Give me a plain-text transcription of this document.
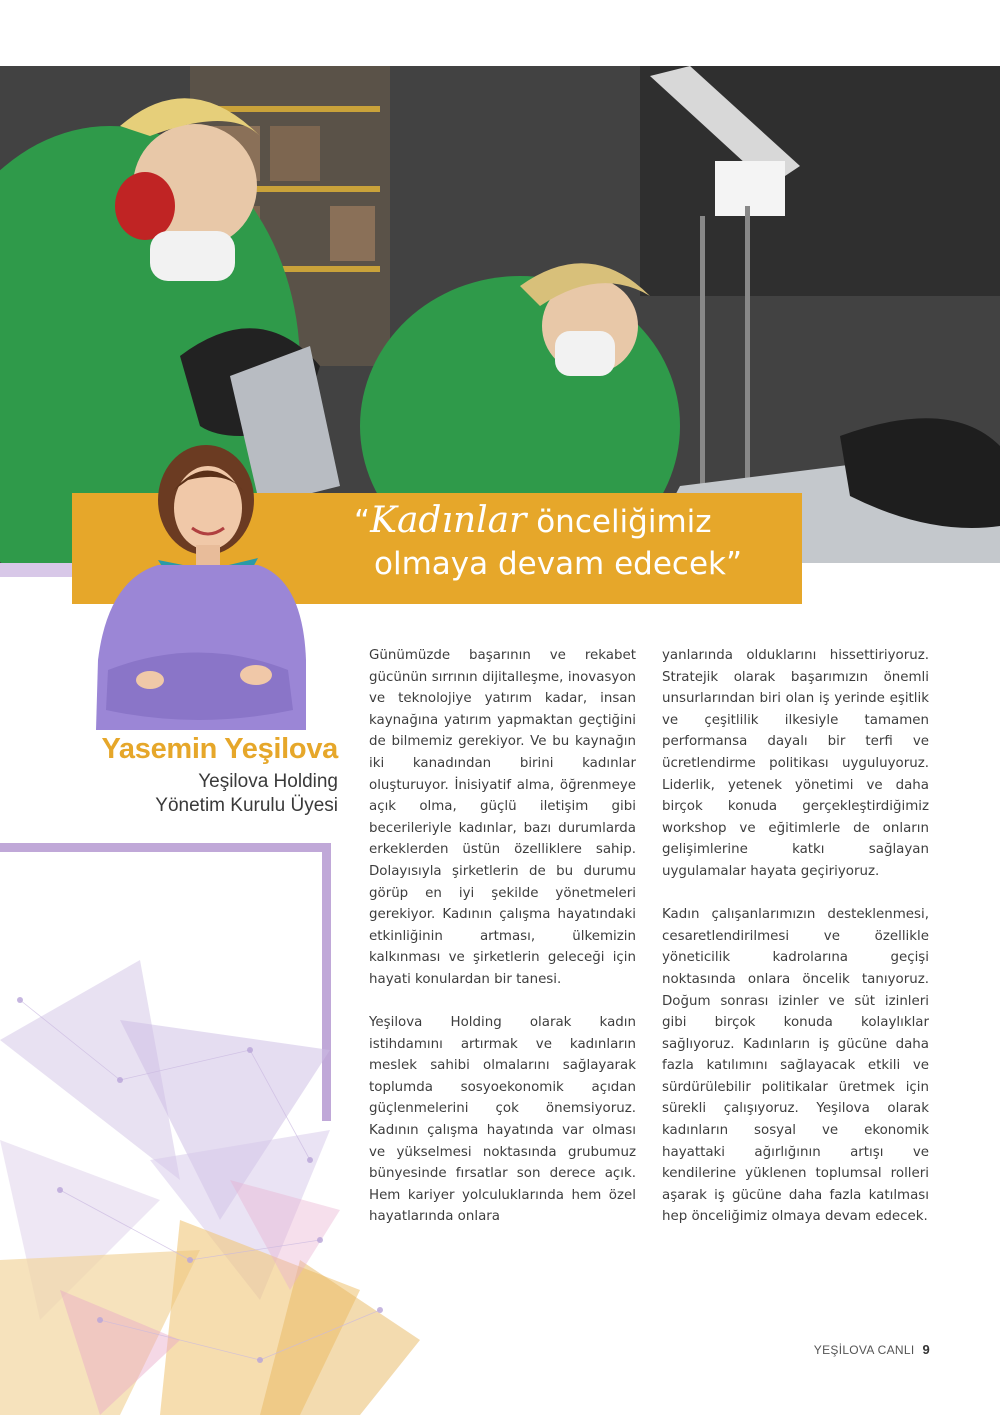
“Kadınlar önceliğimiz
olmaya devam edecek”
Yasemin Yeşilova
Yeşilova Holding
Yönetim Kurulu Üyesi

Günümüzde başarının ve rekabet gücünün sırrının dijitalleşme, inovasyon ve teknolojiye yatırım kadar, insan kaynağına yatırım yapmaktan geçtiğini de bilmemiz gerekiyor. Ve bu kaynağın iki kanadından birini kadınlar oluşturuyor. İnisiyatif alma, öğrenmeye açık olma, güçlü iletişim gibi becerileriyle kadınlar, bazı durumlarda erkeklerden üstün özelliklere sahip. Dolayısıyla şirketlerin de bu durumu görüp en iyi şekilde yönetmeleri gerekiyor. Kadının çalışma hayatındaki etkinliğinin artması, ülkemizin kalkınması ve şirketlerin geleceği için hayati konulardan bir tanesi.

Yeşilova Holding olarak kadın istihdamını artırmak ve kadınların meslek sahibi olmalarını sağlayarak toplumda sosyoekonomik açıdan güçlenmelerini çok önemsiyoruz. Kadının çalışma hayatında var olması ve yükselmesi noktasında grubumuz bünyesinde fırsatlar son derece açık. Hem kariyer yolculuklarında hem özel hayatlarında onlara

yanlarında olduklarını hissettiriyoruz. Stratejik olarak başarımızın önemli unsurlarından biri olan iş yerinde eşitlik ve çeşitlilik ilkesiyle tamamen performansa dayalı bir terfi ve ücretlendirme politikası uyguluyoruz. Liderlik, yetenek yönetimi ve daha birçok konuda gerçekleştirdiğimiz workshop ve eğitimlerle de onların gelişimlerine katkı sağlayan uygulamalar hayata geçiriyoruz.

Kadın çalışanlarımızın desteklenmesi, cesaretlendirilmesi ve özellikle yöneticilik kadrolarına geçişi noktasında onlara öncelik tanıyoruz. Doğum sonrası izinler ve süt izinleri gibi birçok konuda kolaylıklar sağlıyoruz. Kadınların iş gücüne daha fazla katılımını sağlayacak etkili ve sürdürülebilir politikalar üretmek için sürekli çalışıyoruz. Yeşilova olarak kadınların sosyal ve ekonomik hayattaki ağırlığının artışı ve kendilerine yüklenen toplumsal rolleri aşarak iş gücüne daha fazla katılması hep önceliğimiz olmaya devam edecek.

YEŞİLOVA CANLI 9
